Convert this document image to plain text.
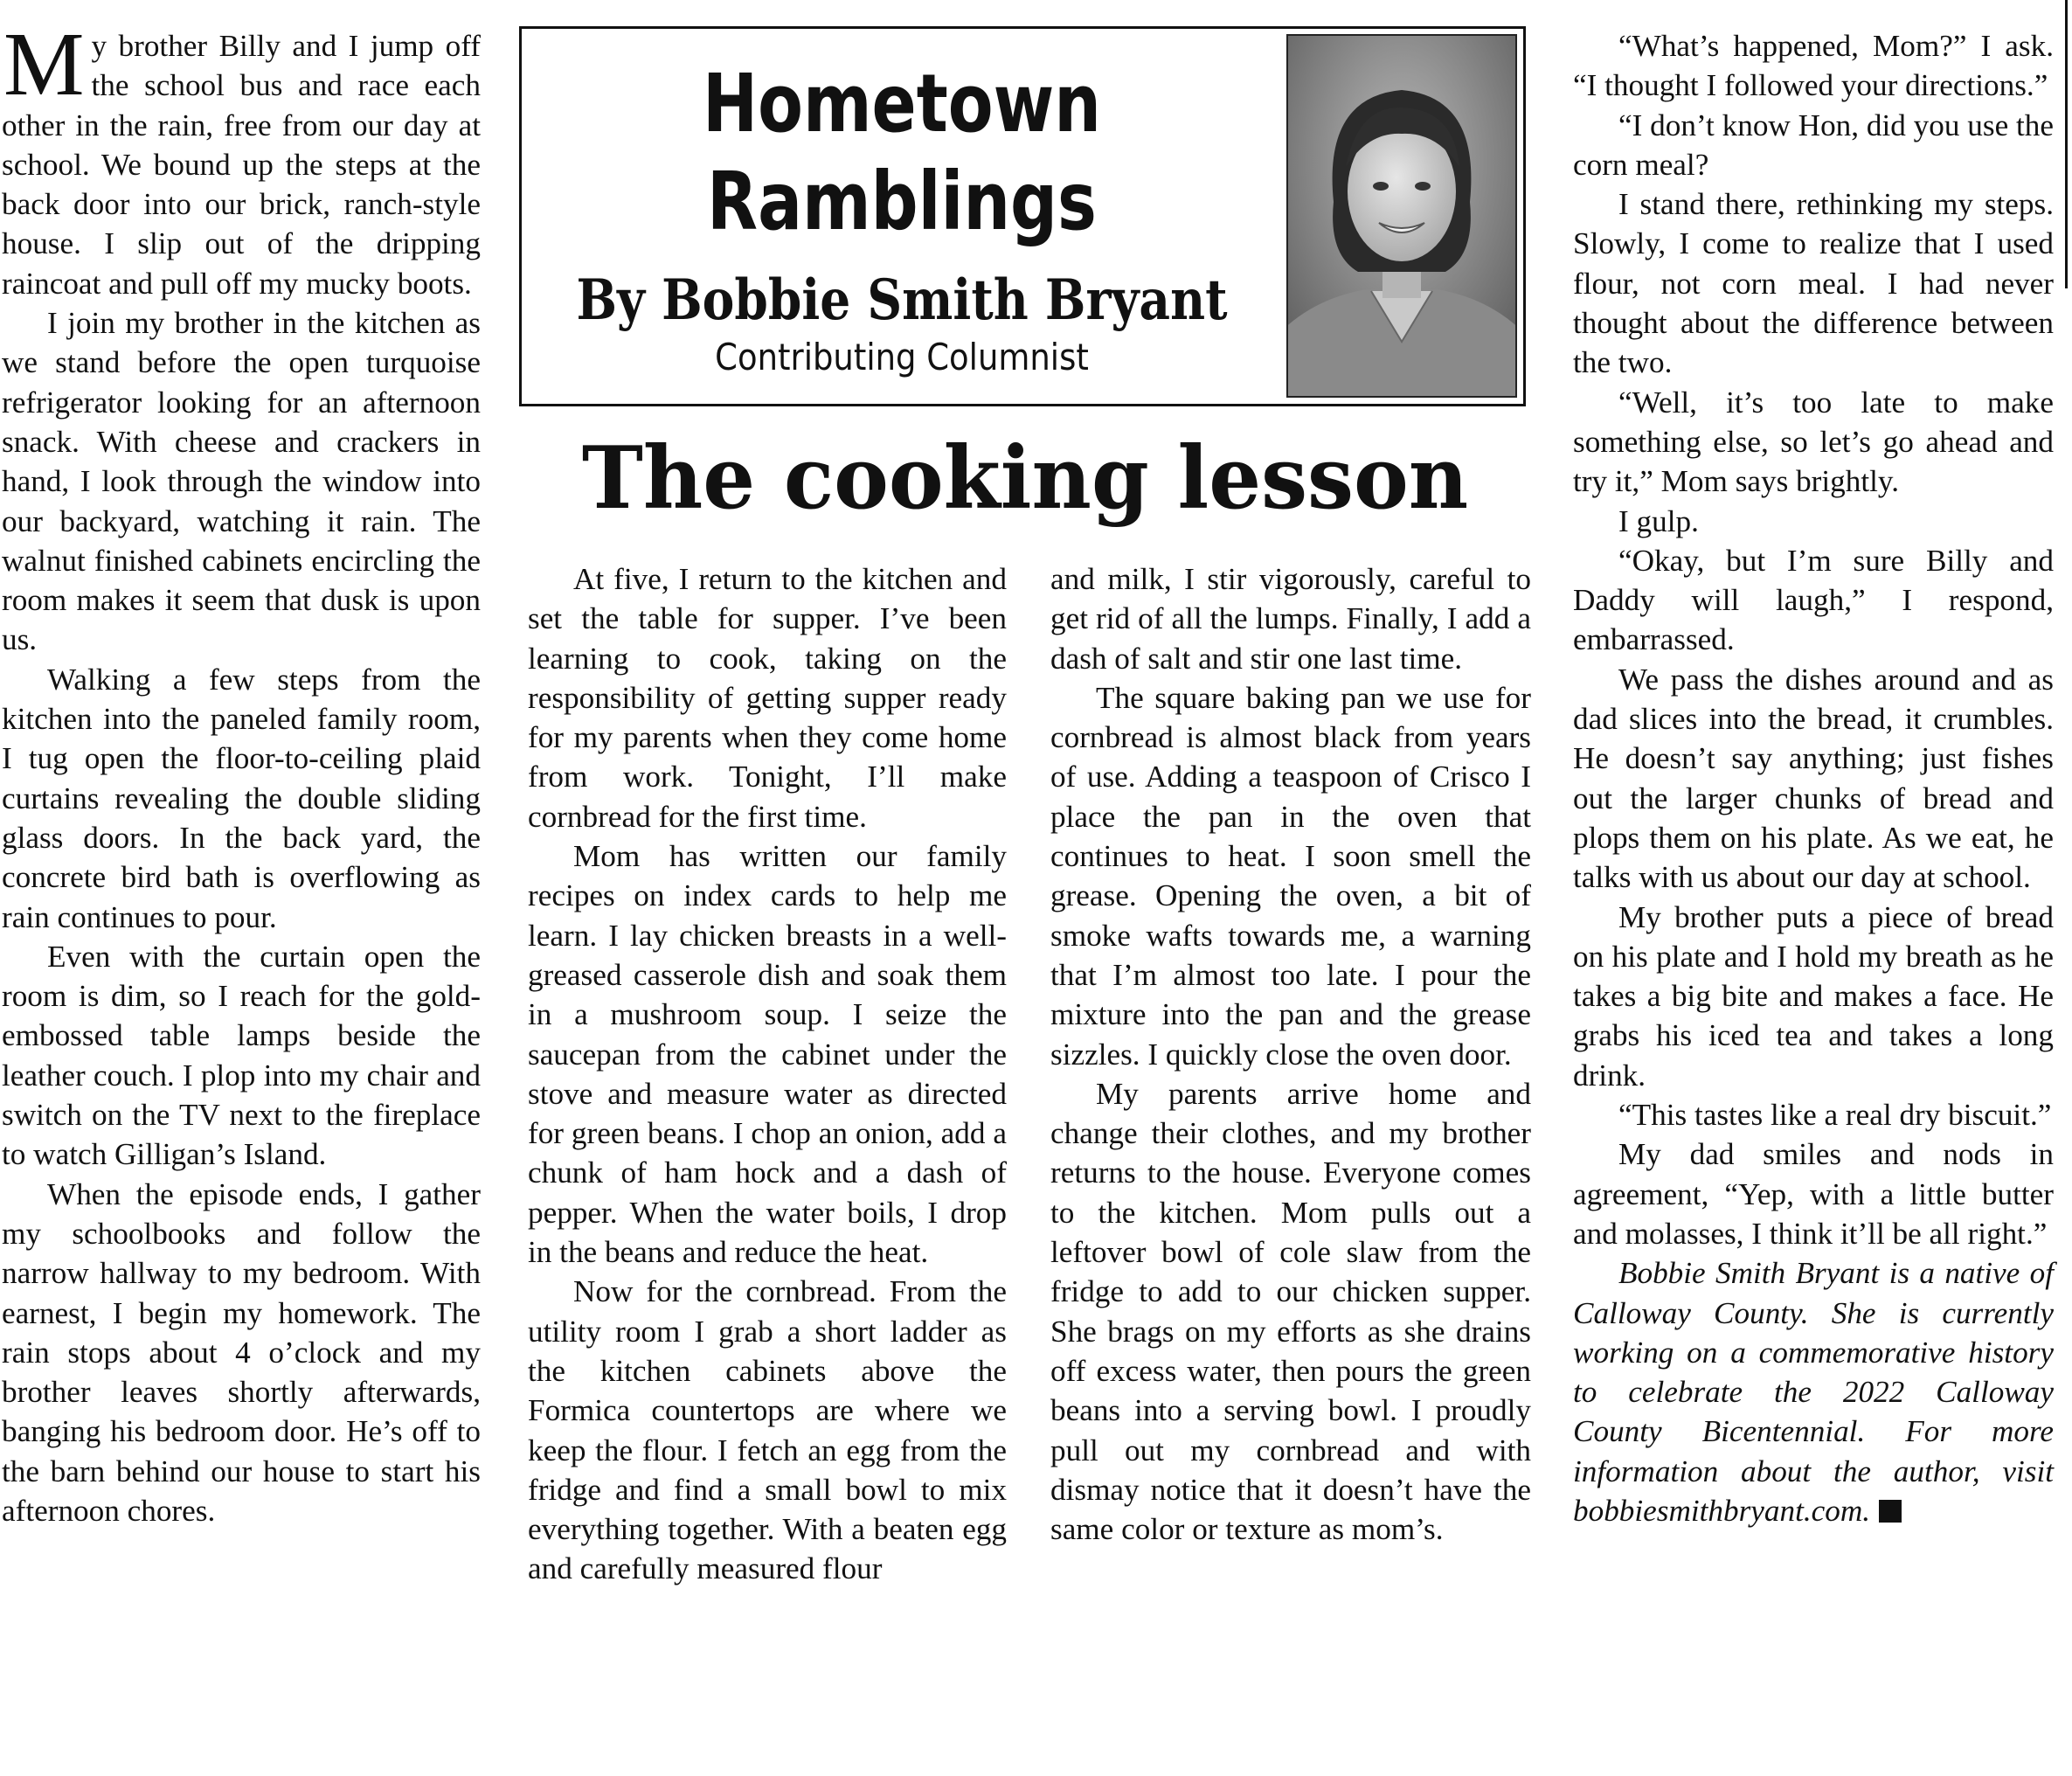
My brother Billy and I jump off the school bus and race each other in the rain, free from our day at school. We bound up the steps at the back door into our brick, ranch-style house. I slip out of the dripping raincoat and pull off my mucky boots.

I join my brother in the kitchen as we stand before the open turquoise refrigerator looking for an afternoon snack. With cheese and crackers in hand, I look through the window into our backyard, watching it rain. The walnut finished cabinets encircling the room makes it seem that dusk is upon us.

Walking a few steps from the kitchen into the paneled family room, I tug open the floor-to-ceiling plaid curtains revealing the double sliding glass doors. In the back yard, the concrete bird bath is overflowing as rain continues to pour.

Even with the curtain open the room is dim, so I reach for the gold-embossed table lamps beside the leather couch. I plop into my chair and switch on the TV next to the fireplace to watch Gilligan’s Island.

When the episode ends, I gather my schoolbooks and follow the narrow hallway to my bedroom. With earnest, I begin my homework. The rain stops about 4 o’clock and my brother leaves shortly afterwards, banging his bedroom door. He’s off to the barn behind our house to start his afternoon chores.

Hometown Ramblings
By Bobbie Smith Bryant
Contributing Columnist
The cooking lesson

At five, I return to the kitchen and set the table for supper. I’ve been learning to cook, taking on the responsibility of getting supper ready for my parents when they come home from work. Tonight, I’ll make cornbread for the first time.

Mom has written our family recipes on index cards to help me learn. I lay chicken breasts in a well-greased casserole dish and soak them in a mushroom soup. I seize the saucepan from the cabinet under the stove and measure water as directed for green beans. I chop an onion, add a chunk of ham hock and a dash of pepper. When the water boils, I drop in the beans and reduce the heat.

Now for the cornbread. From the utility room I grab a short ladder as the kitchen cabinets above the Formica countertops are where we keep the flour. I fetch an egg from the fridge and find a small bowl to mix everything together. With a beaten egg and carefully measured flour

and milk, I stir vigorously, careful to get rid of all the lumps. Finally, I add a dash of salt and stir one last time.

The square baking pan we use for cornbread is almost black from years of use. Adding a teaspoon of Crisco I place the pan in the oven that continues to heat. I soon smell the grease. Opening the oven, a bit of smoke wafts towards me, a warning that I’m almost too late. I pour the mixture into the pan and the grease sizzles. I quickly close the oven door.

My parents arrive home and change their clothes, and my brother returns to the house. Everyone comes to the kitchen. Mom pulls out a leftover bowl of cole slaw from the fridge to add to our chicken supper. She brags on my efforts as she drains off excess water, then pours the green beans into a serving bowl. I proudly pull out my cornbread and with dismay notice that it doesn’t have the same color or texture as mom’s.

“What’s happened, Mom?” I ask. “I thought I followed your directions.”

“I don’t know Hon, did you use the corn meal?

I stand there, rethinking my steps. Slowly, I come to realize that I used flour, not corn meal. I had never thought about the difference between the two.

“Well, it’s too late to make something else, so let’s go ahead and try it,” Mom says brightly.

I gulp.

“Okay, but I’m sure Billy and Daddy will laugh,” I respond, embarrassed.

We pass the dishes around and as dad slices into the bread, it crumbles. He doesn’t say anything; just fishes out the larger chunks of bread and plops them on his plate. As we eat, he talks with us about our day at school.

My brother puts a piece of bread on his plate and I hold my breath as he takes a big bite and makes a face. He grabs his iced tea and takes a long drink.

“This tastes like a real dry biscuit.”

My dad smiles and nods in agreement, “Yep, with a little butter and molasses, I think it’ll be all right.”

Bobbie Smith Bryant is a native of Calloway County. She is currently working on a commemorative history to celebrate the 2022 Calloway County Bicentennial. For more information about the author, visit bobbiesmithbryant.com.
